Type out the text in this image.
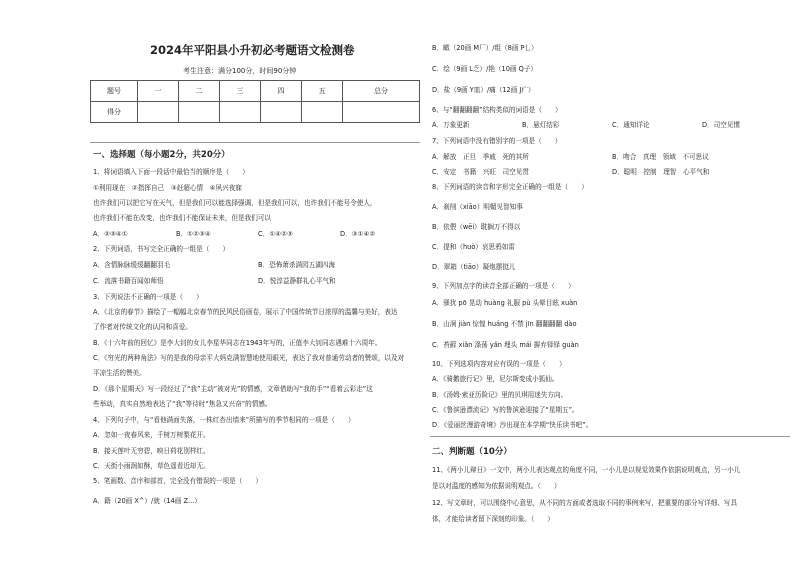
2024年平阳县小升初必考题语文检测卷
考生注意：满分100分，时间90分钟
题号	一	二	三	四	五	总分
得分						
一、选择题（每小题2分，共20分）
1、将词语填入下面一段话中最恰当的顺序是（　　）
①利用现在　②指挥自己　③赶超心情　④夙兴夜寐
也许我们可以把它写在天气，但是我们可以能选择强调，但是我们可以，也许我们不能号令使人，
也许我们不能在改变，也许我们不能保证未来，但是我们可以
A．②③④①	B．①②③④	C．①④②③	D．③①④②
2、下列词语，书写完全正确的一组是（　　）
A．含情脉脉缓缓翻翻羽毛	B．恐怖萧杀满园五湖四海
C．流落书籍百闻如师悟	D．悦淳益静群礼心平气和
3、下列说法不正确的一项是（　　）
A．《北京的春节》描绘了一幅幅北京春节的民风民俗画卷，展示了中国传统节日浓厚的温馨与美好，表达
了作者对传统文化的认同和喜爱。
B．《十六年前的回忆》是李大钊的女儿李星华同志在1943年写的，正值李大钊同志遇难十六周年。
C．《穷光的两种角法》写的是我的母亲平大妈克满智慧地使用眼光，表达了我对普通劳动者的赞颂，以及对
平凉生活的赞美。
D．《那个星期天》写一段经过了“我”主动“被对光”的情感，文章借助写“我的手”“看着云彩走”这
些举动，真实自然地表达了“我”等待时“焦急又兴奋”的情感。
4、下列句子中，与“看他满面失落，一株红杏出墙来”所描写的季节相同的一项是（　　）
A．忽如一夜春风来，千树万树梨花开。
B．接天莲叶无穷碧，映日荷花别样红。
C．天街小雨润如酥，草色遥看近却无。
5、笔画数、音序和部首，完全没有错误的一项是（　　）
A．籍（20画 X^）/就（14画 Z...）
B．瞰（20画 M厂）/组（8画 P乚）
C．绘（9画 L乏）/艳（10画 Q子）
D．盐（9画 Y皿）/痛（12画 J疒）
6、与“翻翻翻翻”结构类似的词语是（　　）
A．万象更新	B．悬灯结彩	C．通知详论	D．司空见惯
7、下列词语中没有错别字的一项是（　　）
A．解放　正旦　季戚　死的其所	B．吻合　真理　领域　不可思议
C．安定　书籍　兴旺　司空见贯	D．聪明　控制　理智　心平气和
8、下列词语的读音和字形完全正确的一组是（　　）
A．刹削（xiāo）明媚见智知事
B．依偎（wēi）耽搁万不得以
C．提和（huò）哀思鸦如雷
D．翠箱（tiāo）凝炮摆挺儿
9、下列加点字的读音全部正确的一项是（　　）
A．骚扰 pō 晃动 huàng 礼服 pù 头晕目眩 xuàn
B．山涧 jiàn 惊惶 huáng 不禁 jīn 翻翻翻翻 dào
C．苔藓 xiǎn 涤荡 yǎn 埋头 mái 摒弃铎铎 guàn
10、下列选项内容对应有误的一项是（　　）
A．《骑鹅旅行记》里，尼尔斯变成小狐仙。
B．《汤姆·索亚历险记》里的贝琪用迷失方向。
C．《鲁滨逊漂流记》写的鲁滨逊迎接了“星期五”。
D．《爱丽丝漫游奇境》沙出现在本学期“快乐读书吧”。
二、判断题（10分）
11、《两小儿辩日》一文中，两小儿表达观点的角度不同，一小儿是以视觉效果作依据说明观点，另一小儿
是以对温度的感知为依据说明观点。（　　）
12、写文章时，可以围绕中心意思，从不同的方面或者选取不同的事例来写，把重要的部分写详细、写具
体，才能给读者留下深刻的印象。（　　）
